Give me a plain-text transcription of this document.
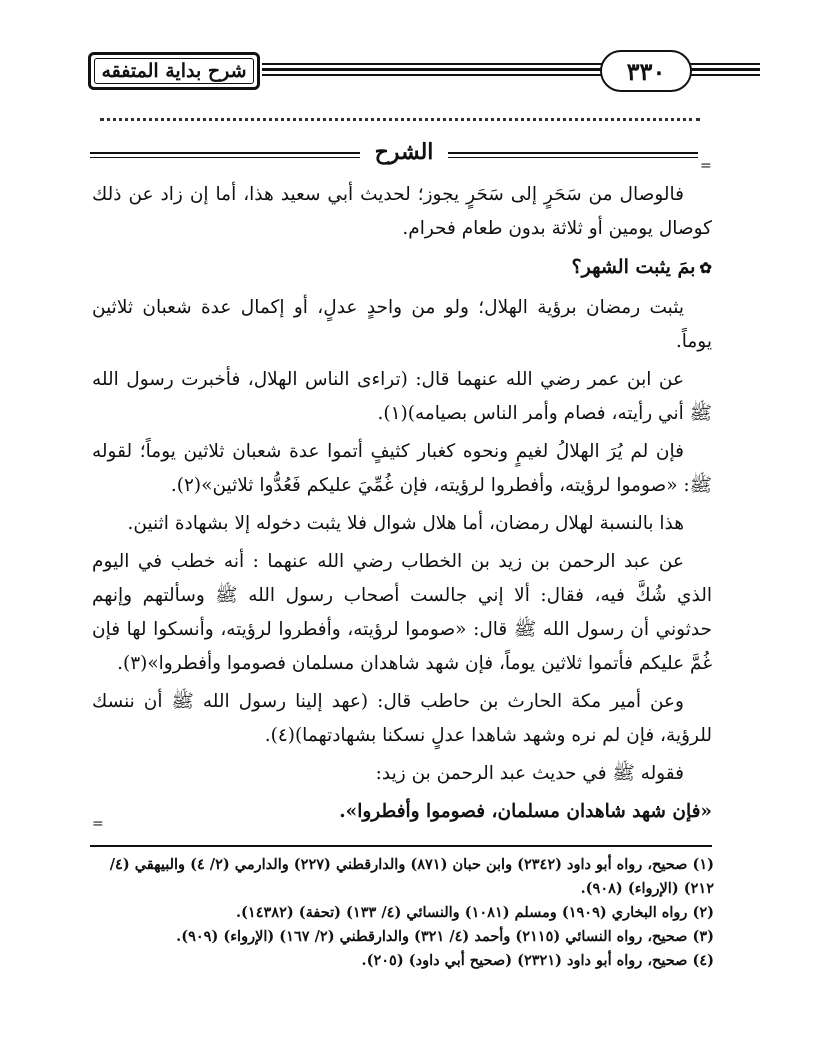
شرح بداية المتفقه	٣٣٠
الشرح
=

فالوصال من سَحَرٍ إلى سَحَرٍ يجوز؛ لحديث أبي سعيد هذا، أما إن زاد عن ذلك كوصال يومين أو ثلاثة بدون طعام فحرام.

✿بمَ يثبت الشهر؟

يثبت رمضان برؤية الهلال؛ ولو من واحدٍ عدلٍ، أو إكمال عدة شعبان ثلاثين يوماً.

عن ابن عمر رضي الله عنهما قال: (تراءى الناس الهلال، فأخبرت رسول الله ﷺ أني رأيته، فصام وأمر الناس بصيامه)(١).

فإن لم يُرَ الهلالُ لغيمٍ ونحوه كغبار كثيفٍ أتموا عدة شعبان ثلاثين يوماً؛ لقوله ﷺ: «صوموا لرؤيته، وأفطروا لرؤيته، فإن غُمِّيَ عليكم فَعُدُّوا ثلاثين»(٢).

هذا بالنسبة لهلال رمضان، أما هلال شوال فلا يثبت دخوله إلا بشهادة اثنين.

عن عبد الرحمن بن زيد بن الخطاب رضي الله عنهما : أنه خطب في اليوم الذي شُكَّ فيه، فقال: ألا إني جالست أصحاب رسول الله ﷺ وسألتهم وإنهم حدثوني أن رسول الله ﷺ قال: «صوموا لرؤيته، وأفطروا لرؤيته، وأنسكوا لها فإن غُمَّ عليكم فأتموا ثلاثين يوماً، فإن شهد شاهدان مسلمان فصوموا وأفطروا»(٣).

وعن أمير مكة الحارث بن حاطب قال: (عهد إلينا رسول الله ﷺ أن ننسك للرؤية، فإن لم نره وشهد شاهدا عدلٍ نسكنا بشهادتهما)(٤).

فقوله ﷺ في حديث عبد الرحمن بن زيد:

«فإن شهد شاهدان مسلمان، فصوموا وأفطروا».

=

(١) صحيح، رواه أبو داود (٢٣٤٢) وابن حبان (٨٧١) والدارقطني (٢٢٧) والدارمي (٢/ ٤) والبيهقي (٤/ ٢١٢) (الإرواء) (٩٠٨).

(٢) رواه البخاري (١٩٠٩) ومسلم (١٠٨١) والنسائي (٤/ ١٣٣) (تحفة) (١٤٣٨٢).

(٣) صحيح، رواه النسائي (٢١١٥) وأحمد (٤/ ٣٢١) والدارقطني (٢/ ١٦٧) (الإرواء) (٩٠٩).

(٤) صحيح، رواه أبو داود (٢٣٢١) (صحيح أبي داود) (٢٠٥).
